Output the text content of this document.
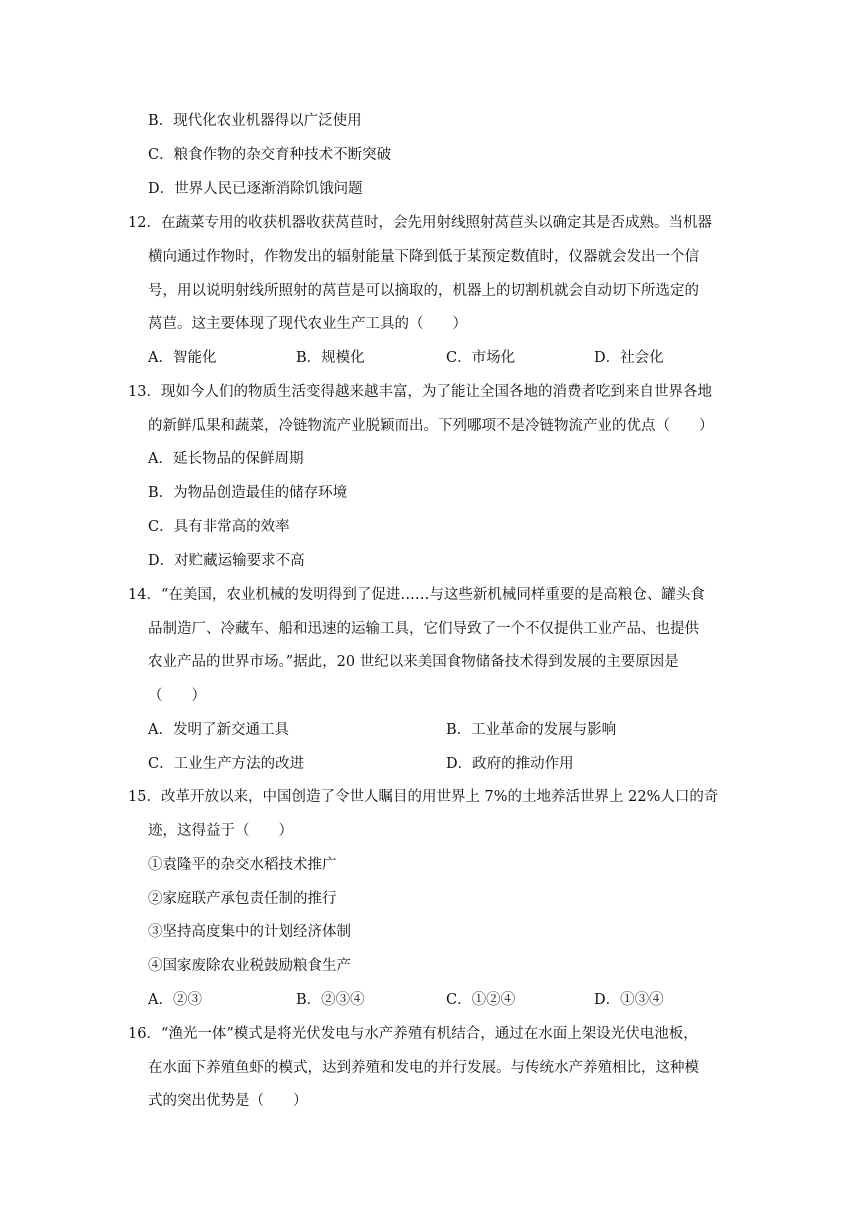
B．现代化农业机器得以广泛使用
C．粮食作物的杂交育种技术不断突破
D．世界人民已逐渐消除饥饿问题
12．在蔬菜专用的收获机器收获莴苣时，会先用射线照射莴苣头以确定其是否成熟。当机器
横向通过作物时，作物发出的辐射能量下降到低于某预定数值时，仪器就会发出一个信
号，用以说明射线所照射的莴苣是可以摘取的，机器上的切割机就会自动切下所选定的
莴苣。这主要体现了现代农业生产工具的（　　）
A．智能化	B．规模化	C．市场化	D．社会化
13．现如今人们的物质生活变得越来越丰富，为了能让全国各地的消费者吃到来自世界各地
的新鲜瓜果和蔬菜，冷链物流产业脱颖而出。下列哪项不是冷链物流产业的优点（　　）
A．延长物品的保鲜周期
B．为物品创造最佳的储存环境
C．具有非常高的效率
D．对贮藏运输要求不高
14．“在美国，农业机械的发明得到了促进……与这些新机械同样重要的是高粮仓、罐头食
品制造厂、冷藏车、船和迅速的运输工具，它们导致了一个不仅提供工业产品、也提供
农业产品的世界市场。”据此，20 世纪以来美国食物储备技术得到发展的主要原因是
（　　）
A．发明了新交通工具	B．工业革命的发展与影响
C．工业生产方法的改进	D．政府的推动作用
15．改革开放以来，中国创造了令世人瞩目的用世界上 7%的土地养活世界上 22%人口的奇
迹，这得益于（　　）
①袁隆平的杂交水稻技术推广
②家庭联产承包责任制的推行
③坚持高度集中的计划经济体制
④国家废除农业税鼓励粮食生产
A．②③	B．②③④	C．①②④	D．①③④
16．“渔光一体”模式是将光伏发电与水产养殖有机结合，通过在水面上架设光伏电池板，
在水面下养殖鱼虾的模式，达到养殖和发电的并行发展。与传统水产养殖相比，这种模
式的突出优势是（　　）
